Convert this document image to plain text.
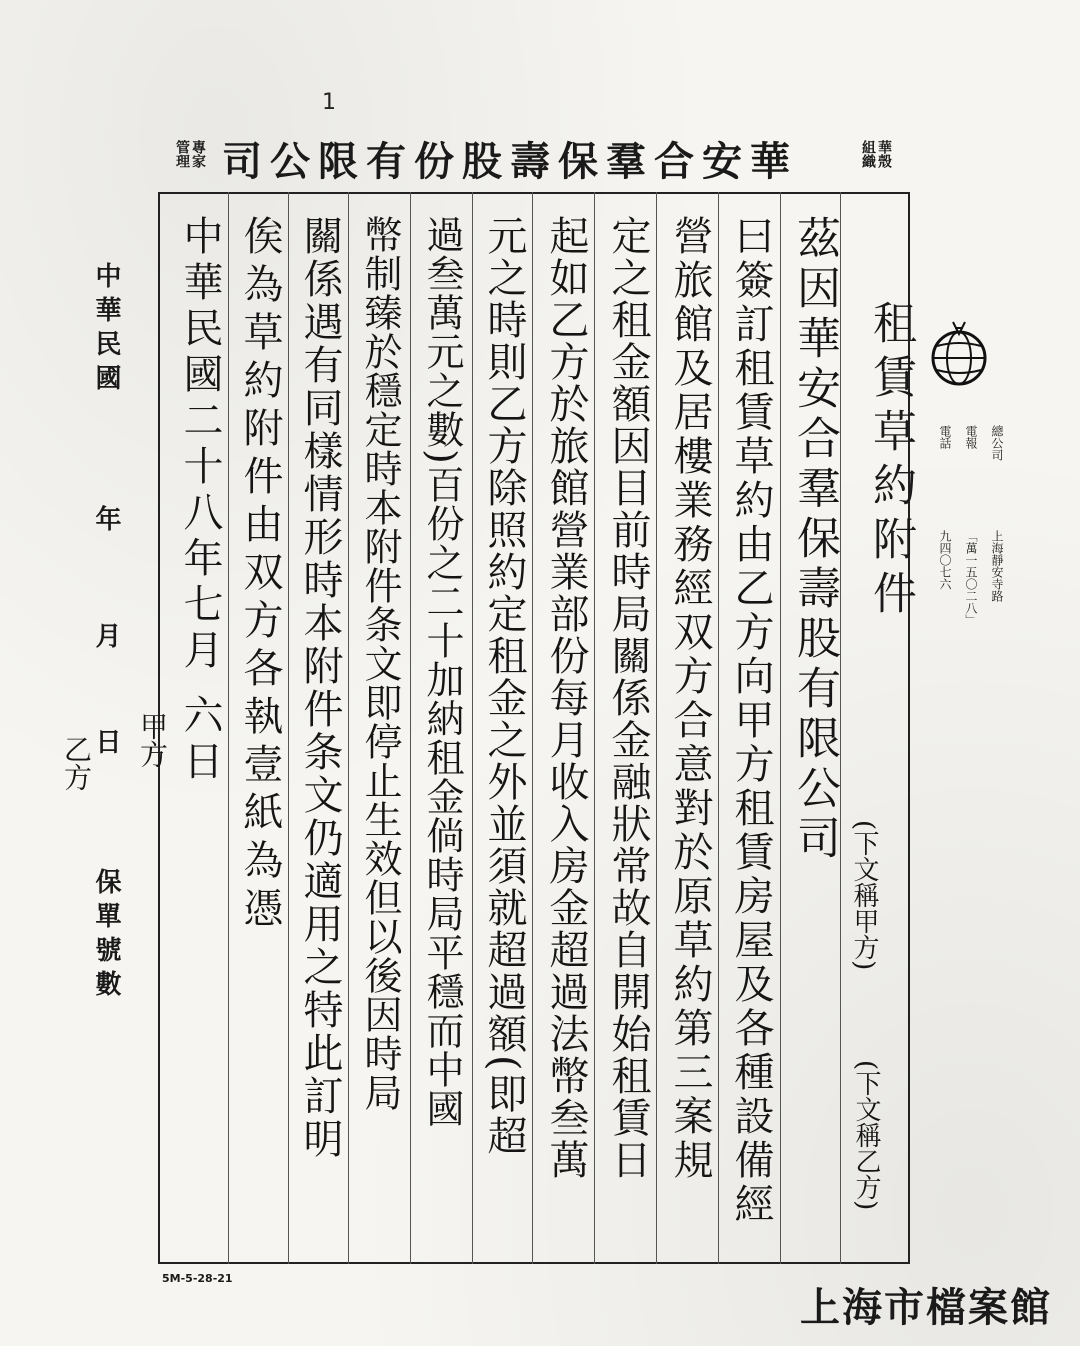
1
華殼組織
華安合羣保壽股份有限公司
專家管理
總公司
上海靜安寺路
電報
「萬一五〇二八」
電話
九四〇七六
租賃草約附件
茲因華安合羣保壽股有限公司
曰簽訂租賃草約由乙方向甲方租賃房屋及各種設備經
營旅館及居樓業務經双方合意對於原草約第三案規
定之租金額因目前時局關係金融狀常故自開始租賃日
起如乙方於旅館營業部份每月收入房金超過法幣叁萬
元之時則乙方除照約定租金之外並須就超過額(即超
過叁萬元之數)百份之二十加納租金倘時局平穩而中國
幣制臻於穩定時本附件条文即停止生效但以後因時局
關係遇有同樣情形時本附件条文仍適用之特此訂明
俟為草約附件由双方各執壹紙為憑
中華民國二十八年七月 六日
(下文稱甲方)
(下文稱乙方)
甲方
乙方
中華民國
年
月
日
保單號數
5M-5-28-21
上海市檔案館
